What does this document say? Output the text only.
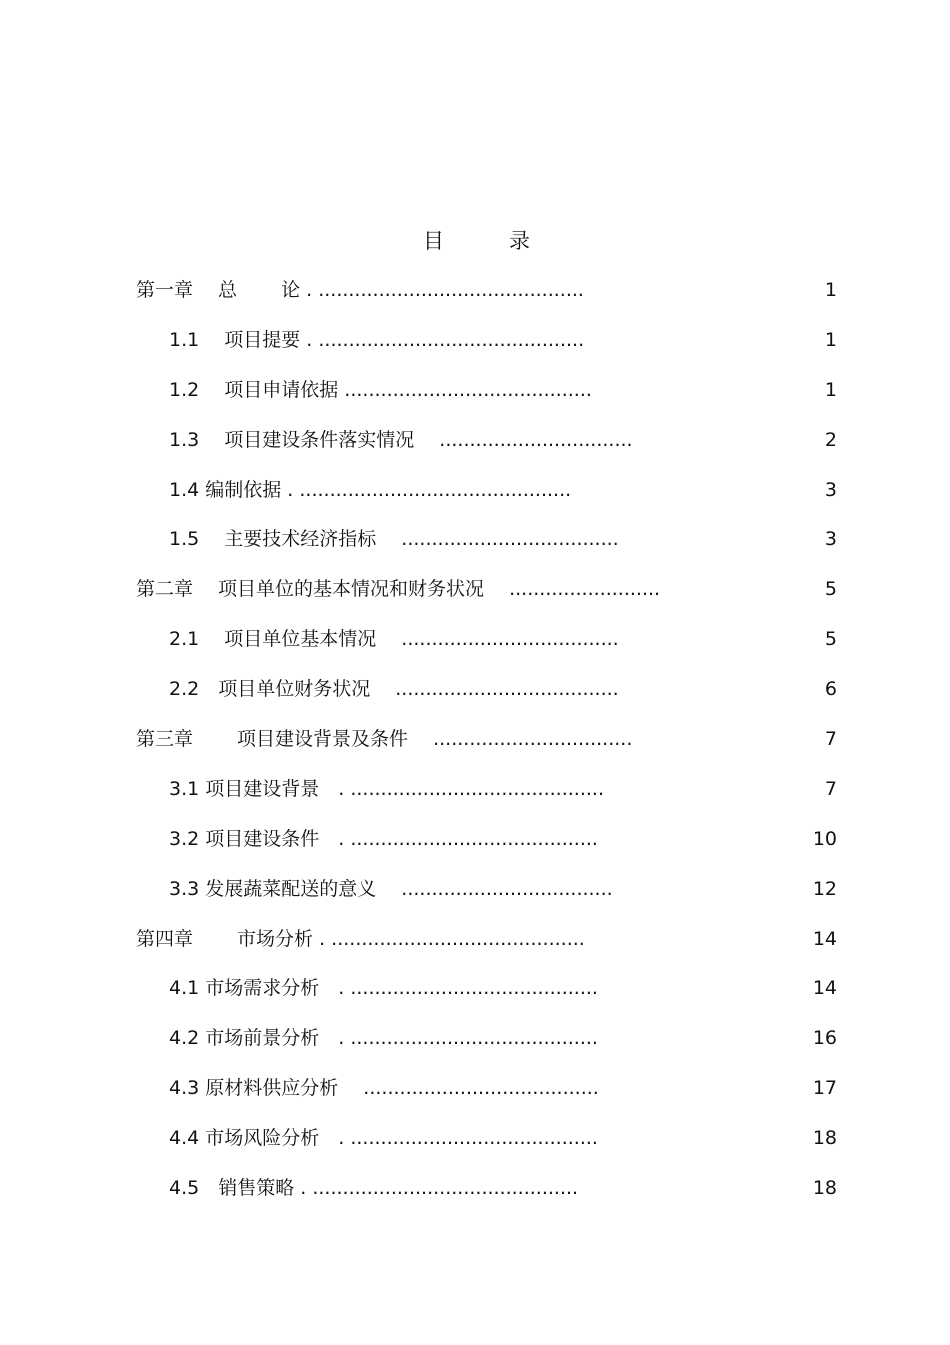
目　录
第一章　 总　　 论 . ............................................	1
1.1　 项目提要 . ............................................	1
1.2　 项目申请依据 .........................................	1
1.3　 项目建设条件落实情况　 ................................	2
1.4 编制依据 . .............................................	3
1.5　 主要技术经济指标　 ....................................	3
第二章　 项目单位的基本情况和财务状况　 .........................	5
2.1　 项目单位基本情况　 ....................................	5
2.2　项目单位财务状况　 .....................................	6
第三章　　 项目建设背景及条件　 .................................	7
3.1 项目建设背景　. ..........................................	7
3.2 项目建设条件　. .........................................	10
3.3 发展蔬菜配送的意义　 ...................................	12
第四章　　 市场分析 . ..........................................	14
4.1 市场需求分析　. .........................................	14
4.2 市场前景分析　. .........................................	16
4.3 原材料供应分析　 .......................................	17
4.4 市场风险分析　. .........................................	18
4.5　销售策略 . ............................................	18
